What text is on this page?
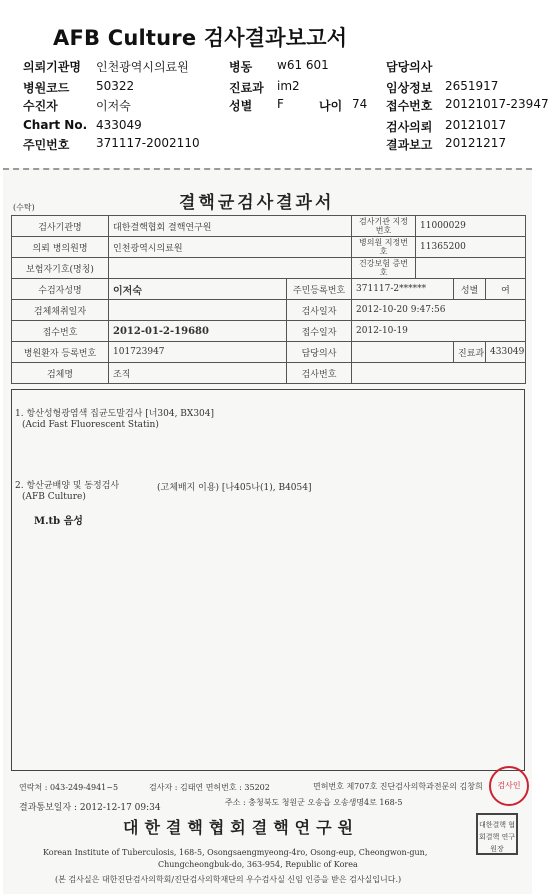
AFB Culture 검사결과보고서
의뢰기관명 인천광역시의료원	병동 w61 601	담당의사
병원코드 50322	진료과 im2	임상정보 2651917
수진자	이저숙	성별 F	나이 74 접수번호 20121017-23947
Chart No. 433049	검사의뢰 20121017
주민번호 371117-2002110	결과보고 20121217
(수탁)	결핵균검사결과서
검사기관명	대한결핵협회 결핵연구원		검사기관 지정번호	11000029		
의뢰 병의원명	인천광역시의료원		병의원 지정번호	11365200		
보험자기호(명칭)			건강보험 증번호			
수검자성명	이저숙	주민등록번호	371117-2******		성별	여
검체채취일자		검사일자	2012-10-20 9:47:56			
접수번호	2012-01-2-19680	접수일자	2012-10-19			
병원환자 등록번호	101723947	담당의사			진료과	433049
검체명	조직	검사번호				
1. 항산성형광염색 집균도말검사 [너304, BX304]
(Acid Fast Fluorescent Statin)
2. 항산균배양 및 동정검사	(고체배지 이용) [나405나(1), B4054]
(AFB Culture)
M.tb 음성
연락처 : 043-249-4941~5	검사자 : 김태연 면허번호 : 35202	면허번호 제707호 진단검사의학과전문의 김창희	검사인
결과통보일자 : 2012-12-17 09:34
주소 : 충청북도 청원군 오송읍 오송생명4로 168-5
대한결핵협회결핵연구원	대한결핵 협회결핵 연구원장
Korean Institute of Tuberculosis, 168-5, Osongsaengmyeong-4ro, Osong-eup, Cheongwon-gun,
Chungcheongbuk-do, 363-954, Republic of Korea
(본 검사실은 대한진단검사의학회/진단검사의학재단의 우수검사실 신임 인증을 받은 검사실입니다.)
